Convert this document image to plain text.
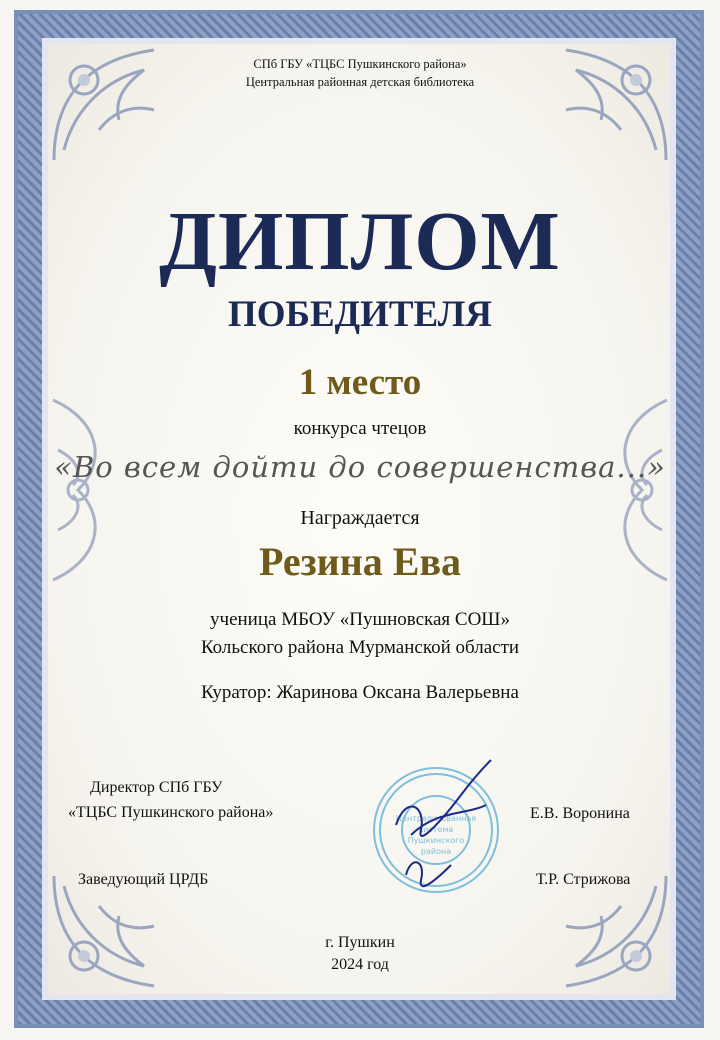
СПб ГБУ «ТЦБС Пушкинского района»
Центральная районная детская библиотека
ДИПЛОМ
ПОБЕДИТЕЛЯ
1 место
конкурса чтецов
«Во всем дойти до совершенства...»
Награждается
Резина Ева
ученица МБОУ «Пушновская СОШ»
Кольского района Мурманской области
Куратор: Жаринова Оксана Валерьевна
Директор СПб ГБУ
«ТЦБС Пушкинского района»	Е.В. Воронина
Заведующий ЦРДБ	Т.Р. Стрижова
Централизованная
система
Пушкинского
района
г. Пушкин
2024 год
